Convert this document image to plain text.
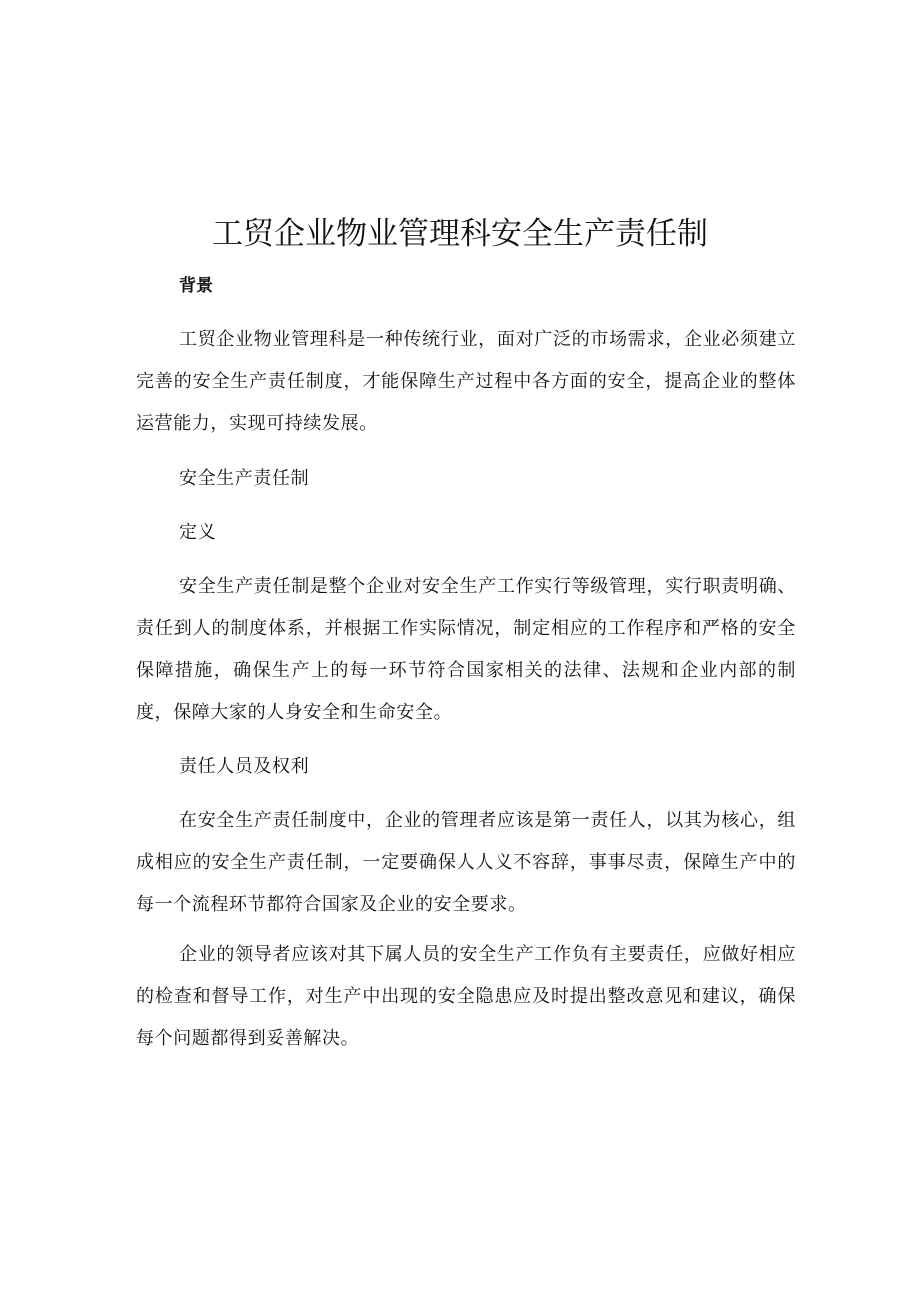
工贸企业物业管理科安全生产责任制
背景

工贸企业物业管理科是一种传统行业，面对广泛的市场需求，企业必须建立完善的安全生产责任制度，才能保障生产过程中各方面的安全，提高企业的整体运营能力，实现可持续发展。

安全生产责任制
定义

安全生产责任制是整个企业对安全生产工作实行等级管理，实行职责明确、责任到人的制度体系，并根据工作实际情况，制定相应的工作程序和严格的安全保障措施，确保生产上的每一环节符合国家相关的法律、法规和企业内部的制度，保障大家的人身安全和生命安全。

责任人员及权利

在安全生产责任制度中，企业的管理者应该是第一责任人，以其为核心，组成相应的安全生产责任制，一定要确保人人义不容辞，事事尽责，保障生产中的每一个流程环节都符合国家及企业的安全要求。

企业的领导者应该对其下属人员的安全生产工作负有主要责任，应做好相应的检查和督导工作，对生产中出现的安全隐患应及时提出整改意见和建议，确保每个问题都得到妥善解决。
